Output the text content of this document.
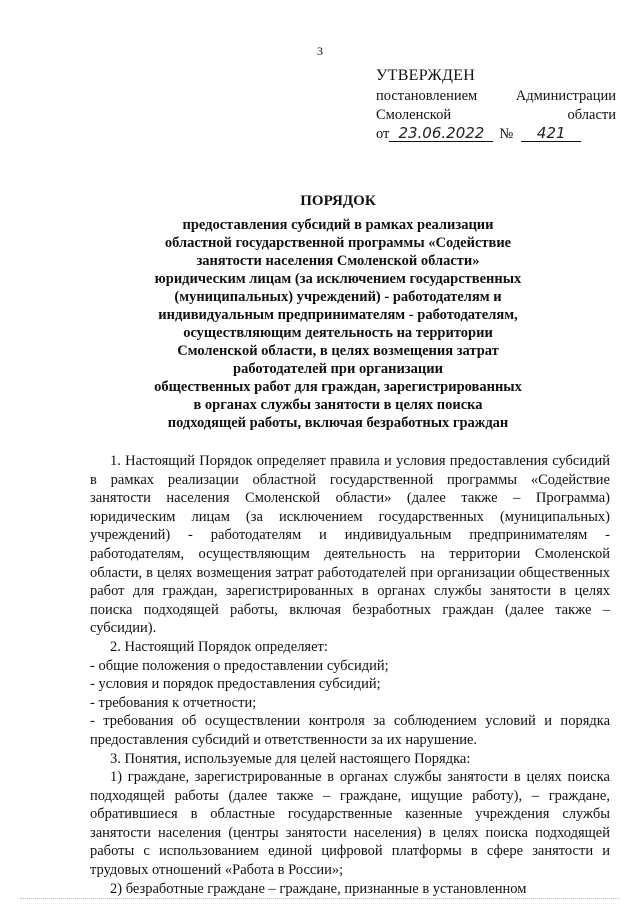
3
УТВЕРЖДЕН
постановлением	Администрации
Смоленской	области
от 23.06.2022	№	421
ПОРЯДОК
предоставления субсидий в рамках реализации
областной государственной программы «Содействие
занятости населения Смоленской области»
юридическим лицам (за исключением государственных
(муниципальных) учреждений) - работодателям и
индивидуальным предпринимателям - работодателям,
осуществляющим деятельность на территории
Смоленской области, в целях возмещения затрат
работодателей при организации
общественных работ для граждан, зарегистрированных
в органах службы занятости в целях поиска
подходящей работы, включая безработных граждан

1. Настоящий Порядок определяет правила и условия предоставления субсидий в рамках реализации областной государственной программы «Содействие занятости населения Смоленской области» (далее также – Программа) юридическим лицам (за исключением государственных (муниципальных) учреждений) - работодателям и индивидуальным предпринимателям - работодателям, осуществляющим деятельность на территории Смоленской области, в целях возмещения затрат работодателей при организации общественных работ для граждан, зарегистрированных в органах службы занятости в целях поиска подходящей работы, включая безработных граждан (далее также – субсидии).

2. Настоящий Порядок определяет:

- общие положения о предоставлении субсидий;

- условия и порядок предоставления субсидий;

- требования к отчетности;

- требования об осуществлении контроля за соблюдением условий и порядка предоставления субсидий и ответственности за их нарушение.

3. Понятия, используемые для целей настоящего Порядка:

1) граждане, зарегистрированные в органах службы занятости в целях поиска подходящей работы (далее также – граждане, ищущие работу), – граждане, обратившиеся в областные государственные казенные учреждения службы занятости населения (центры занятости населения) в целях поиска подходящей работы с использованием единой цифровой платформы в сфере занятости и трудовых отношений «Работа в России»;

2) безработные граждане – граждане, признанные в установленном
